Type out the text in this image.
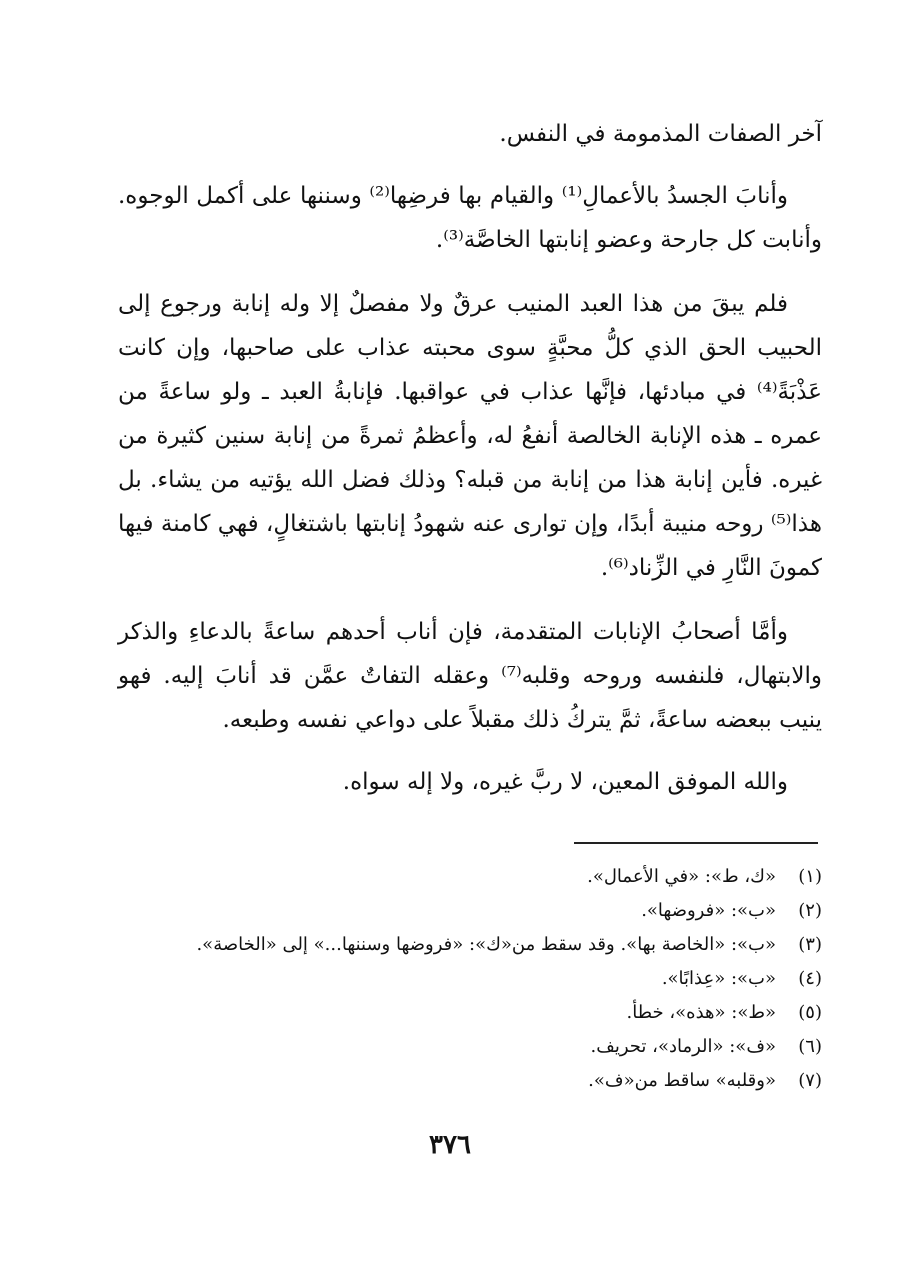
آخر الصفات المذمومة في النفس.

وأنابَ الجسدُ بالأعمالِ⁽¹⁾ والقيام بها فرضِها⁽²⁾ وسننها على أكمل الوجوه. وأنابت كل جارحة وعضو إنابتها الخاصَّة⁽³⁾.

فلم يبقَ من هذا العبد المنيب عرقٌ ولا مفصلٌ إلا وله إنابة ورجوع إلى الحبيب الحق الذي كلُّ محبَّةٍ سوى محبته عذاب على صاحبها، وإن كانت عَذْبَةً⁽⁴⁾ في مبادئها، فإنَّها عذاب في عواقبها. فإنابةُ العبد ـ ولو ساعةً من عمره ـ هذه الإنابة الخالصة أنفعُ له، وأعظمُ ثمرةً من إنابة سنين كثيرة من غيره. فأين إنابة هذا من إنابة من قبله؟ وذلك فضل الله يؤتيه من يشاء. بل هذا⁽⁵⁾ روحه منيبة أبدًا، وإن توارى عنه شهودُ إنابتها باشتغالٍ، فهي كامنة فيها كمونَ النَّارِ في الزِّناد⁽⁶⁾.

وأمَّا أصحابُ الإنابات المتقدمة، فإن أناب أحدهم ساعةً بالدعاءِ والذكر والابتهال، فلنفسه وروحه وقلبه⁽⁷⁾ وعقله التفاتٌ عمَّن قد أنابَ إليه. فهو ينيب ببعضه ساعةً، ثمَّ يتركُ ذلك مقبلاً على دواعي نفسه وطبعه.

والله الموفق المعين، لا ربَّ غيره، ولا إله سواه.

(١)
«ك، ط»: «في الأعمال».
(٢)
«ب»: «فروضها».
(٣)
«ب»: «الخاصة بها». وقد سقط من«ك»: «فروضها وسننها...» إلى «الخاصة».
(٤)
«ب»: «عِذابًا».
(٥)
«ط»: «هذه»، خطأ.
(٦)
«ف»: «الرماد»، تحريف.
(٧)
«وقلبه» ساقط من«ف».
٣٧٦
